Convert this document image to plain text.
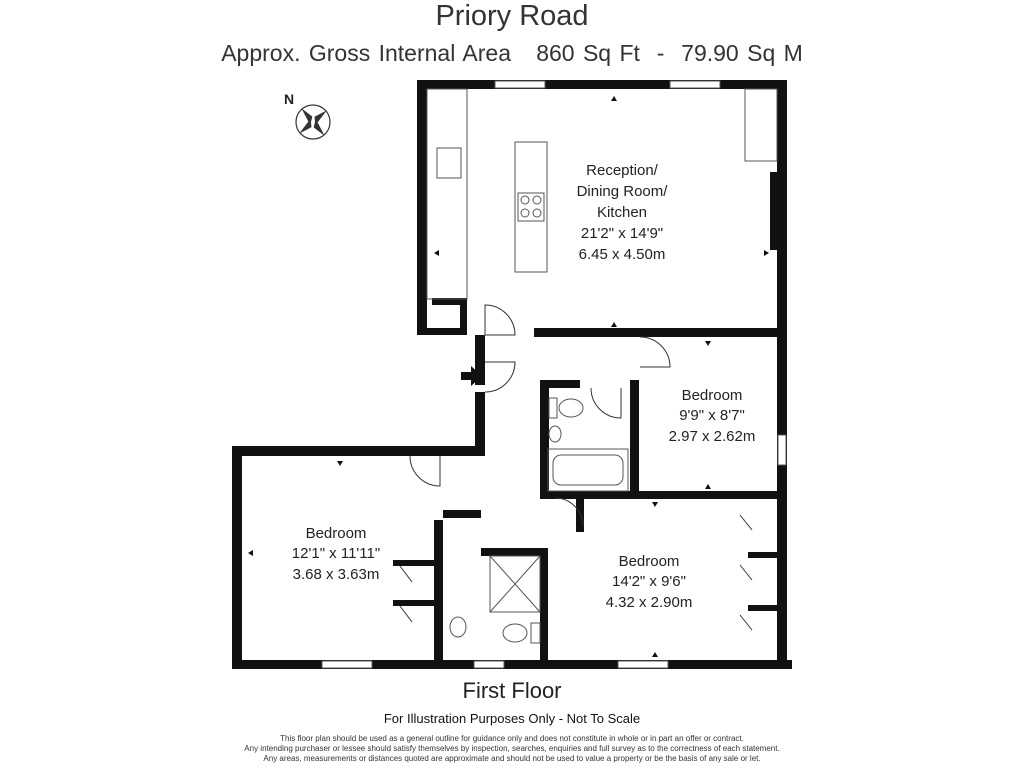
Priory Road
Approx. Gross Internal Area 860 Sq Ft - 79.90 Sq M
N
Reception/
Dining Room/
Kitchen
21'2" x 14'9"
6.45 x 4.50m
Bedroom
9'9" x 8'7"
2.97 x 2.62m
Bedroom
12'1" x 11'11"
3.68 x 3.63m
Bedroom
14'2" x 9'6"
4.32 x 2.90m
First Floor
For Illustration Purposes Only - Not To Scale
This floor plan should be used as a general outline for guidance only and does not constitute in whole or in part an offer or contract.
Any intending purchaser or lessee should satisfy themselves by inspection, searches, enquiries and full survey as to the correctness of each statement.
Any areas, measurements or distances quoted are approximate and should not be used to value a property or be the basis of any sale or let.
